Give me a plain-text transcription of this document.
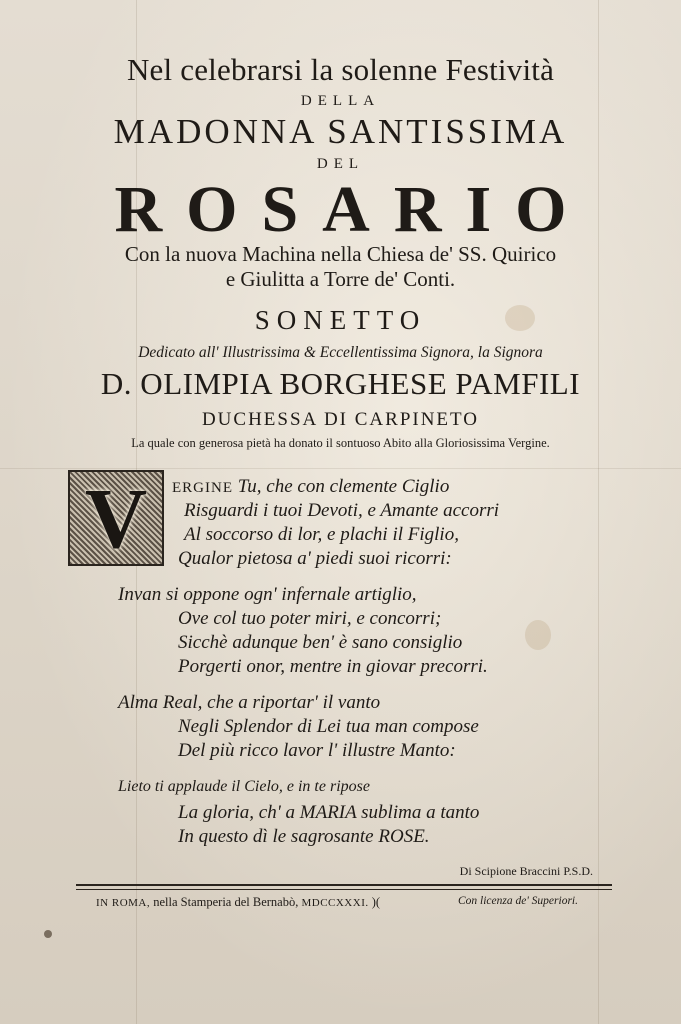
Nel celebrarsi la solenne Festività
DELLA
MADONNA SANTISSIMA
DEL
ROSARIO
Con la nuova Machina nella Chiesa de' SS. Quirico
e Giulitta a Torre de' Conti.
SONETTO
Dedicato all' Illustrissima & Eccellentissima Signora, la Signora
D. OLIMPIA BORGHESE PAMFILI
DUCHESSA DI CARPINETO
La quale con generosa pietà ha donato il sontuoso Abito alla Gloriosissima Vergine.
V	ERGINE Tu, che con clemente Ciglio
Risguardi i tuoi Devoti, e Amante accorri
Al soccorso di lor, e plachi il Figlio,
Qualor pietosa a' piedi suoi ricorri:
Invan si oppone ogn' infernale artiglio,
Ove col tuo poter miri, e concorri;
Sicchè adunque ben' è sano consiglio
Porgerti onor, mentre in giovar precorri.
Alma Real, che a riportar' il vanto
Negli Splendor di Lei tua man compose
Del più ricco lavor l' illustre Manto:
Lieto ti applaude il Cielo, e in te ripose
La gloria, ch' a MARIA sublima a tanto
In questo dì le sagrosante ROSE.
Di Scipione Braccini P.S.D.
IN ROMA, nella Stamperia del Bernabò, MDCCXXXI. )(	Con licenza de' Superiori.
